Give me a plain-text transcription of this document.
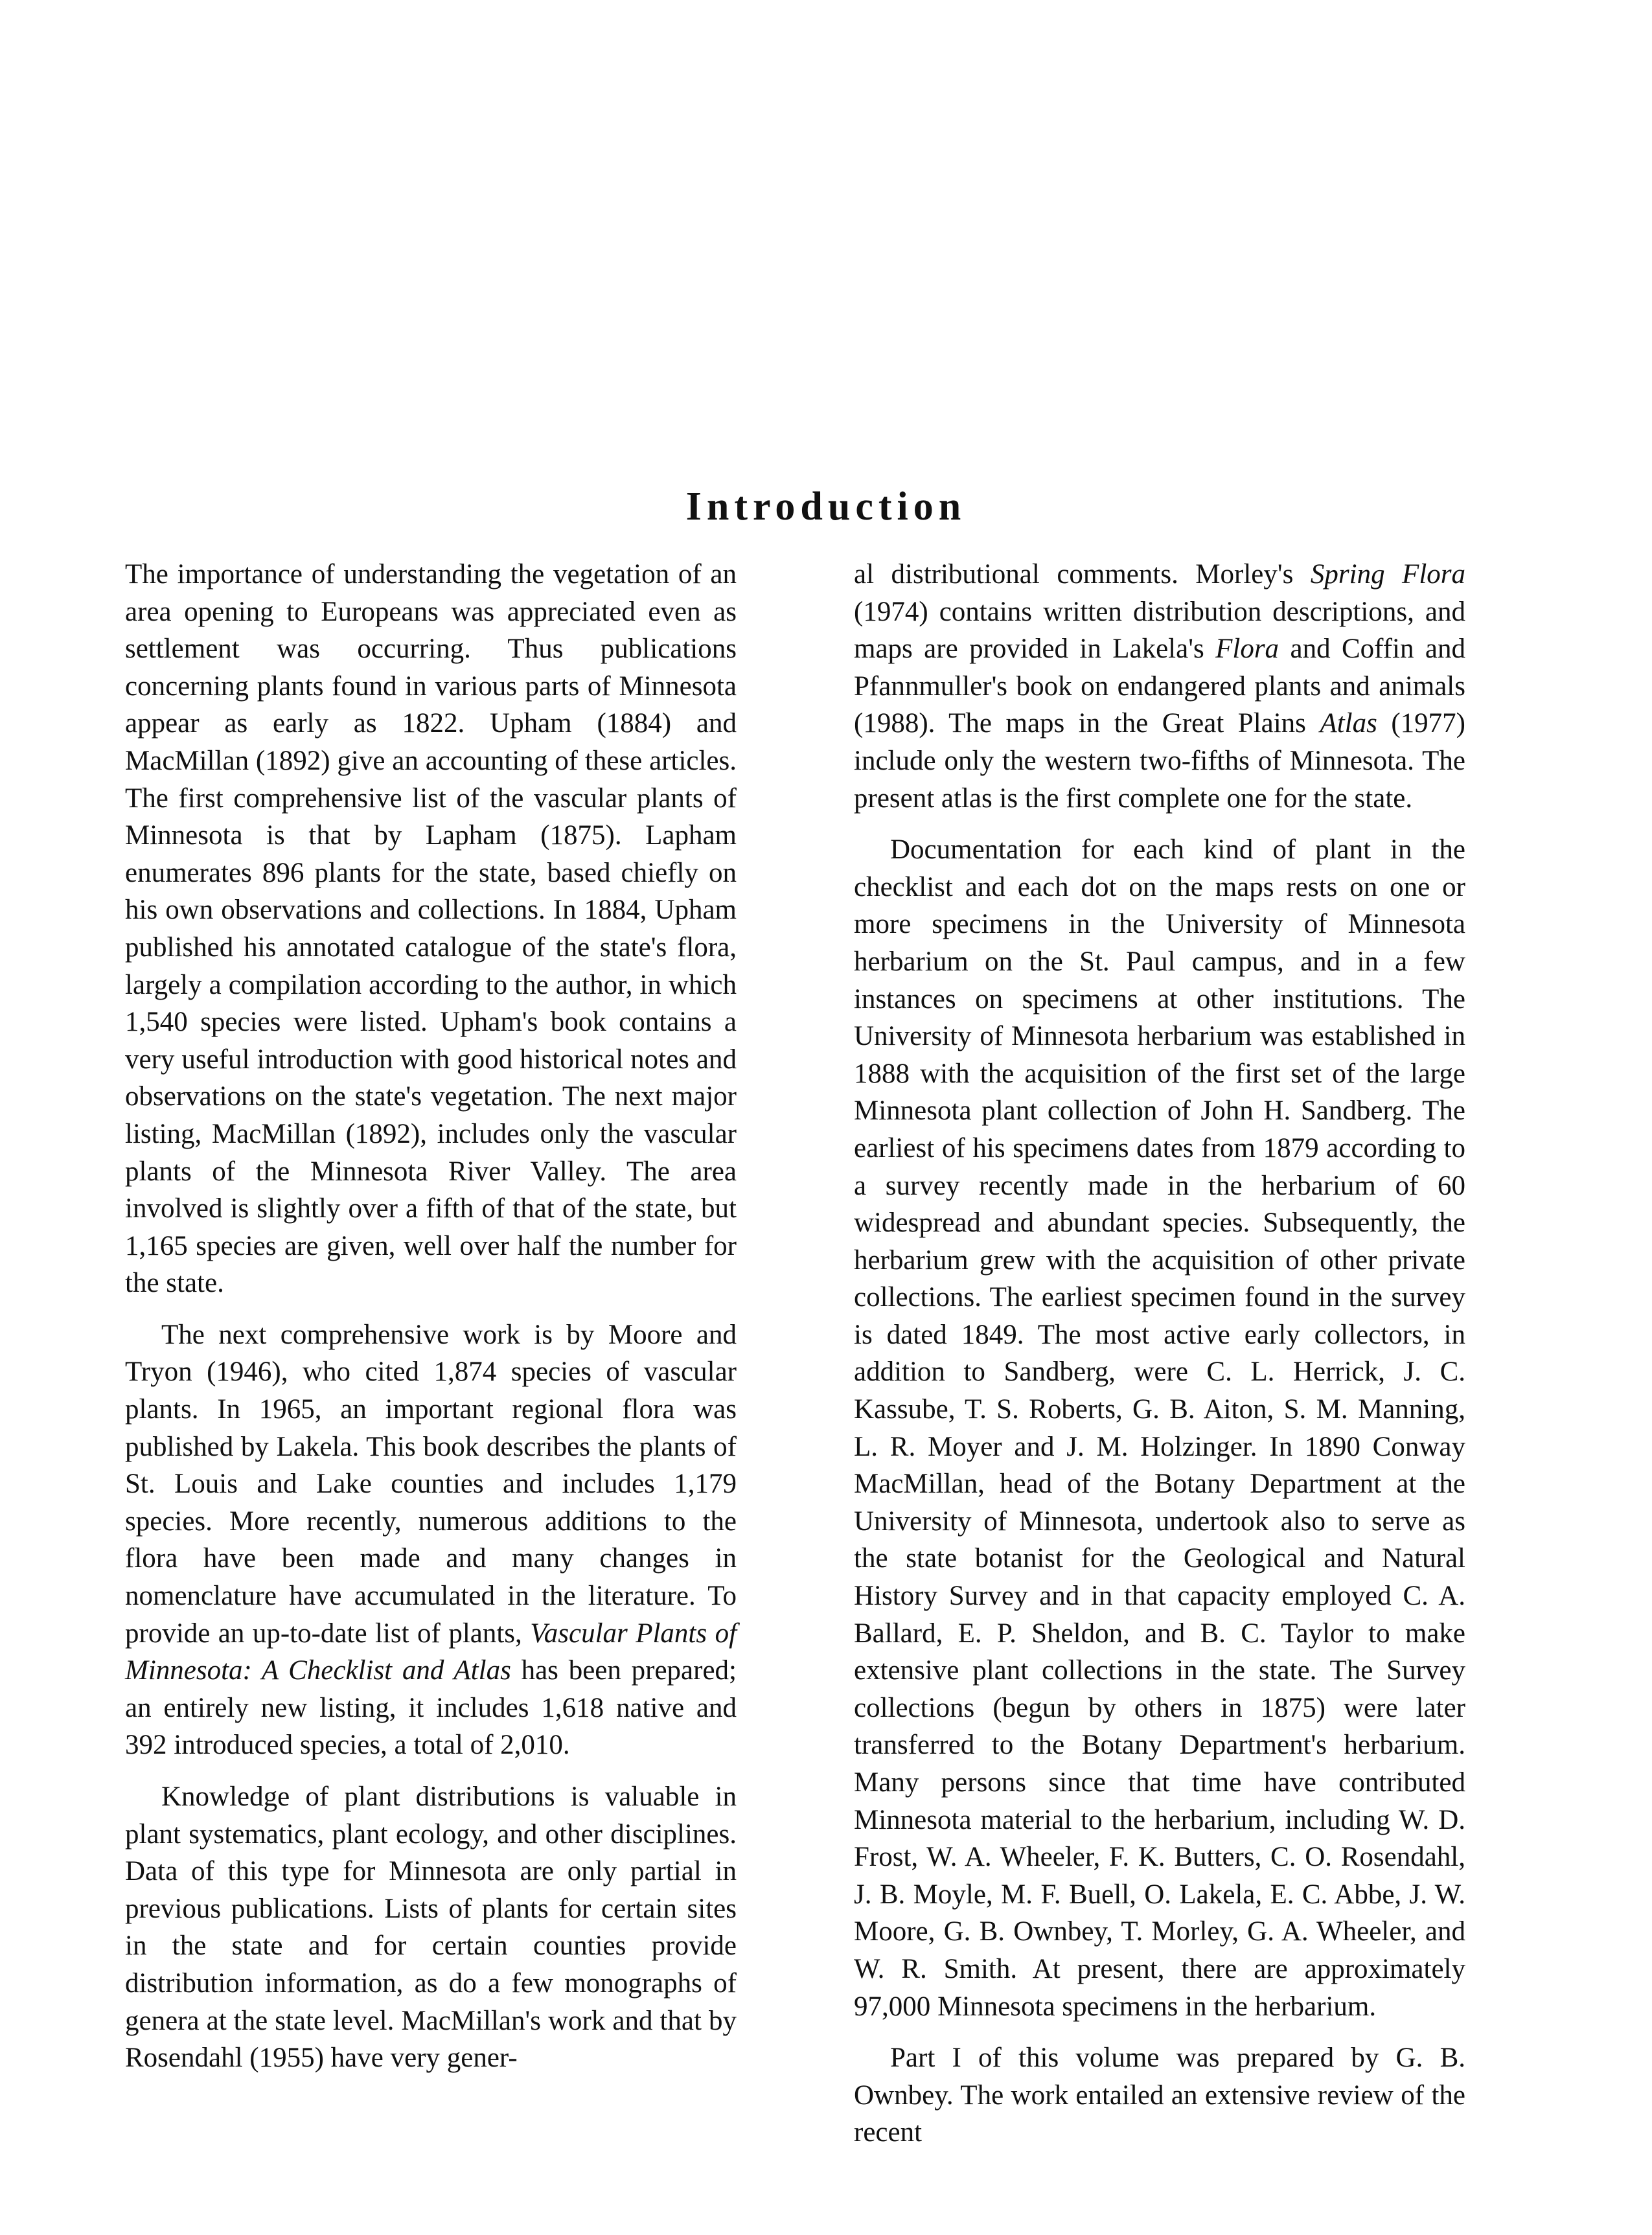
Introduction

The importance of understanding the vegetation of an area opening to Europeans was appreciated even as settlement was occurring. Thus publications concerning plants found in various parts of Minnesota appear as early as 1822. Upham (1884) and MacMillan (1892) give an accounting of these articles. The first comprehensive list of the vascular plants of Minnesota is that by Lapham (1875). Lapham enumerates 896 plants for the state, based chiefly on his own observations and collections. In 1884, Upham published his annotated catalogue of the state's flora, largely a compilation according to the author, in which 1,540 species were listed. Upham's book contains a very useful introduction with good historical notes and observations on the state's vegetation. The next major listing, MacMillan (1892), includes only the vascular plants of the Minnesota River Valley. The area involved is slightly over a fifth of that of the state, but 1,165 species are given, well over half the number for the state.

The next comprehensive work is by Moore and Tryon (1946), who cited 1,874 species of vascular plants. In 1965, an important regional flora was published by Lakela. This book describes the plants of St. Louis and Lake counties and includes 1,179 species. More recently, numerous additions to the flora have been made and many changes in nomenclature have accumulated in the literature. To provide an up-to-date list of plants, Vascular Plants of Minnesota: A Checklist and Atlas has been prepared; an entirely new listing, it includes 1,618 native and 392 introduced species, a total of 2,010.

Knowledge of plant distributions is valuable in plant systematics, plant ecology, and other disciplines. Data of this type for Minnesota are only partial in previous publications. Lists of plants for certain sites in the state and for certain counties provide distribution information, as do a few monographs of genera at the state level. MacMillan's work and that by Rosendahl (1955) have very gener-

al distributional comments. Morley's Spring Flora (1974) contains written distribution descriptions, and maps are provided in Lakela's Flora and Coffin and Pfannmuller's book on endangered plants and animals (1988). The maps in the Great Plains Atlas (1977) include only the western two-fifths of Minnesota. The present atlas is the first complete one for the state.

Documentation for each kind of plant in the checklist and each dot on the maps rests on one or more specimens in the University of Minnesota herbarium on the St. Paul campus, and in a few instances on specimens at other institutions. The University of Minnesota herbarium was established in 1888 with the acquisition of the first set of the large Minnesota plant collection of John H. Sandberg. The earliest of his specimens dates from 1879 according to a survey recently made in the herbarium of 60 widespread and abundant species. Subsequently, the herbarium grew with the acquisition of other private collections. The earliest specimen found in the survey is dated 1849. The most active early collectors, in addition to Sandberg, were C. L. Herrick, J. C. Kassube, T. S. Roberts, G. B. Aiton, S. M. Manning, L. R. Moyer and J. M. Holzinger. In 1890 Conway MacMillan, head of the Botany Department at the University of Minnesota, undertook also to serve as the state botanist for the Geological and Natural History Survey and in that capacity employed C. A. Ballard, E. P. Sheldon, and B. C. Taylor to make extensive plant collections in the state. The Survey collections (begun by others in 1875) were later transferred to the Botany Department's herbarium. Many persons since that time have contributed Minnesota material to the herbarium, including W. D. Frost, W. A. Wheeler, F. K. Butters, C. O. Rosendahl, J. B. Moyle, M. F. Buell, O. Lakela, E. C. Abbe, J. W. Moore, G. B. Ownbey, T. Morley, G. A. Wheeler, and W. R. Smith. At present, there are approximately 97,000 Minnesota specimens in the herbarium.

Part I of this volume was prepared by G. B. Ownbey. The work entailed an extensive review of the recent
